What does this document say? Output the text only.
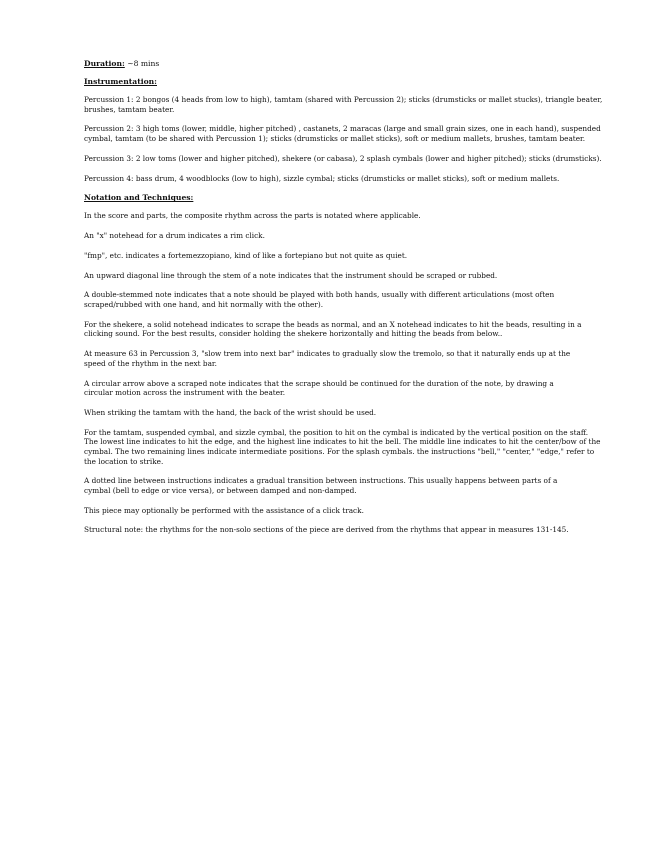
Duration: ~8 mins

Instrumentation:

Percussion 1: 2 bongos (4 heads from low to high), tamtam (shared with Percussion 2); sticks (drumsticks or mallet stucks), triangle beater,
brushes, tamtam beater.

Percussion 2: 3 high toms (lower, middle, higher pitched) , castanets, 2 maracas (large and small grain sizes, one in each hand), suspended
cymbal, tamtam (to be shared with Percussion 1); sticks (drumsticks or mallet sticks), soft or medium mallets, brushes, tamtam beater.

Percussion 3: 2 low toms (lower and higher pitched), shekere (or cabasa), 2 splash cymbals (lower and higher pitched); sticks (drumsticks).

Percussion 4: bass drum, 4 woodblocks (low to high), sizzle cymbal; sticks (drumsticks or mallet sticks), soft or medium mallets.

Notation and Techniques:

In the score and parts, the composite rhythm across the parts is notated where applicable.

An "x" notehead for a drum indicates a rim click.

"fmp", etc. indicates a fortemezzopiano, kind of like a fortepiano but not quite as quiet.

An upward diagonal line through the stem of a note indicates that the instrument should be scraped or rubbed.

A double-stemmed note indicates that a note should be played with both hands, usually with different articulations (most often
scraped/rubbed with one hand, and hit normally with the other).

For the shekere, a solid notehead indicates to scrape the beads as normal, and an X notehead indicates to hit the beads, resulting in a
clicking sound. For the best results, consider holding the shekere horizontally and hitting the beads from below..

At measure 63 in Percussion 3, "slow trem into next bar" indicates to gradually slow the tremolo, so that it naturally ends up at the
speed of the rhythm in the next bar.

A circular arrow above a scraped note indicates that the scrape should be continued for the duration of the note, by drawing a
circular motion across the instrument with the beater.

When striking the tamtam with the hand, the back of the wrist should be used.

For the tamtam, suspended cymbal, and sizzle cymbal, the position to hit on the cymbal is indicated by the vertical position on the staff.
The lowest line indicates to hit the edge, and the highest line indicates to hit the bell. The middle line indicates to hit the center/bow of the
cymbal. The two remaining lines indicate intermediate positions. For the splash cymbals. the instructions "bell," "center," "edge," refer to
the location to strike.

A dotted line between instructions indicates a gradual transition between instructions. This usually happens between parts of a
cymbal (bell to edge or vice versa), or between damped and non-damped.

This piece may optionally be performed with the assistance of a click track.

Structural note: the rhythms for the non-solo sections of the piece are derived from the rhythms that appear in measures 131-145.
